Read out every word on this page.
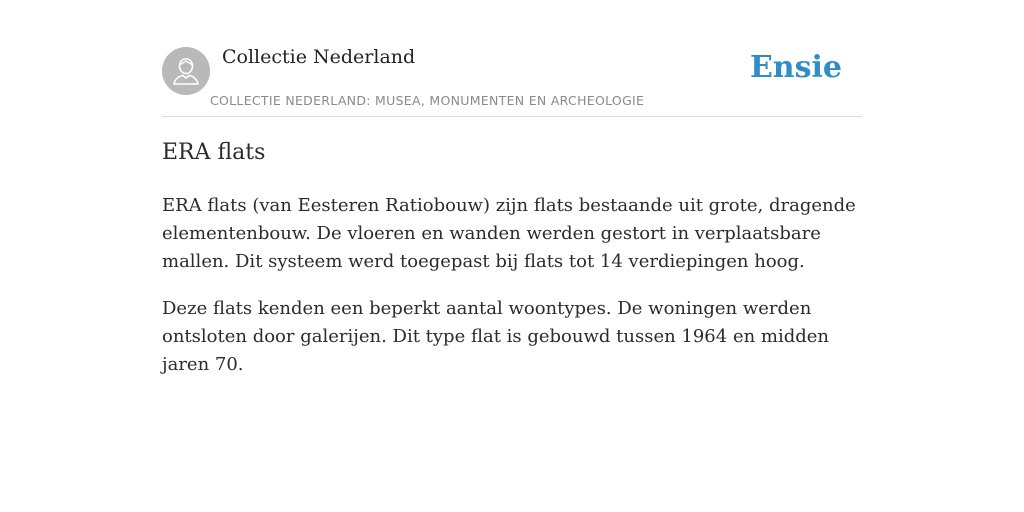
Collectie Nederland
COLLECTIE NEDERLAND: MUSEA, MONUMENTEN EN ARCHEOLOGIE
Ensie
ERA flats

ERA flats (van Eesteren Ratiobouw) zijn flats bestaande uit grote, dragende elementenbouw. De vloeren en wanden werden gestort in verplaatsbare mallen. Dit systeem werd toegepast bij flats tot 14 verdiepingen hoog.

Deze flats kenden een beperkt aantal woontypes. De woningen werden ontsloten door galerijen. Dit type flat is gebouwd tussen 1964 en midden jaren 70.
